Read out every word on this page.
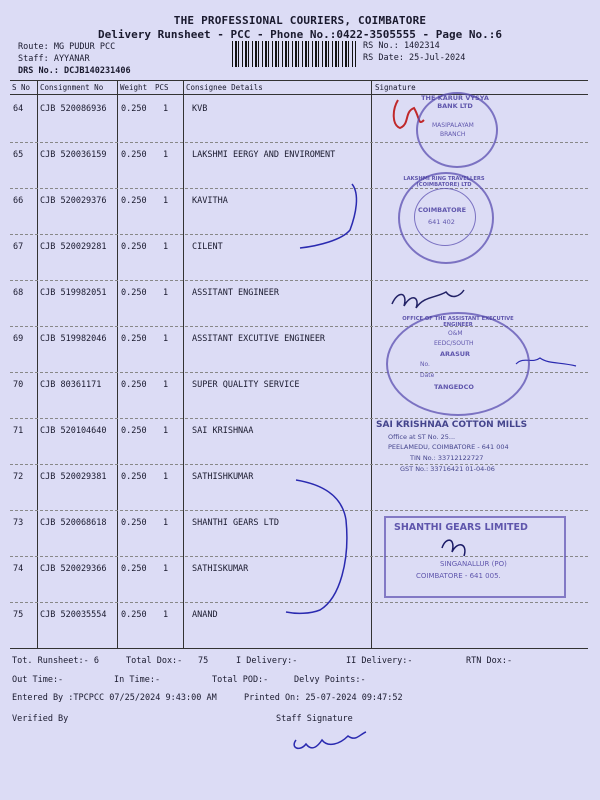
THE PROFESSIONAL COURIERS, COIMBATORE
Delivery Runsheet - PCC - Phone No.:0422-3505555 - Page No.:6
Route: MG PUDUR PCC
Staff: AYYANAR
DRS No.: DCJB140231406
RS No.: 1402314
RS Date: 25-Jul-2024
S No Consignment No Weight PCS Consignee Details	Signature
64 CJB 520086936 0.250 1	KVB
65 CJB 520036159 0.250 1	LAKSHMI EERGY AND ENVIROMENT
66 CJB 520029376 0.250 1	KAVITHA
67 CJB 520029281 0.250 1	CILENT
68 CJB 519982051 0.250 1	ASSITANT ENGINEER
69 CJB 519982046 0.250 1	ASSITANT EXCUTIVE ENGINEER
70 CJB 80361171 0.250 1	SUPER QUALITY SERVICE
71 CJB 520104640 0.250 1	SAI KRISHNAA
72 CJB 520029381 0.250 1	SATHISHKUMAR
73 CJB 520068618 0.250 1	SHANTHI GEARS LTD
74 CJB 520029366 0.250 1	SATHISKUMAR
75 CJB 520035554 0.250 1	ANAND
THE KARUR VYSYA BANK LTD
MASIPALAYAM
BRANCH
LAKSHMI RING TRAVELLERS (COIMBATORE) LTD
COIMBATORE
641 402
OFFICE OF THE ASSISTANT EXECUTIVE ENGINEER
O&M
EEDC/SOUTH
ARASUR
No.
Date
TANGEDCO
SAI KRISHNAA COTTON MILLS
Office at ST No. 25...
PEELAMEDU, COIMBATORE - 641 004
TIN No.: 33712122727
GST No.: 33716421 01-04-06
SHANTHI GEARS LIMITED
SINGANALLUR (PO)
COIMBATORE - 641 005.
Tot. Runsheet:- 6	Total Dox:- 75	I Delivery:-	II Delivery:-	RTN Dox:-
Out Time:-	In Time:-	Total POD:-	Delvy Points:-
Entered By :TPCPCC 07/25/2024 9:43:00 AM	Printed On: 25-07-2024 09:47:52
Verified By	Staff Signature
